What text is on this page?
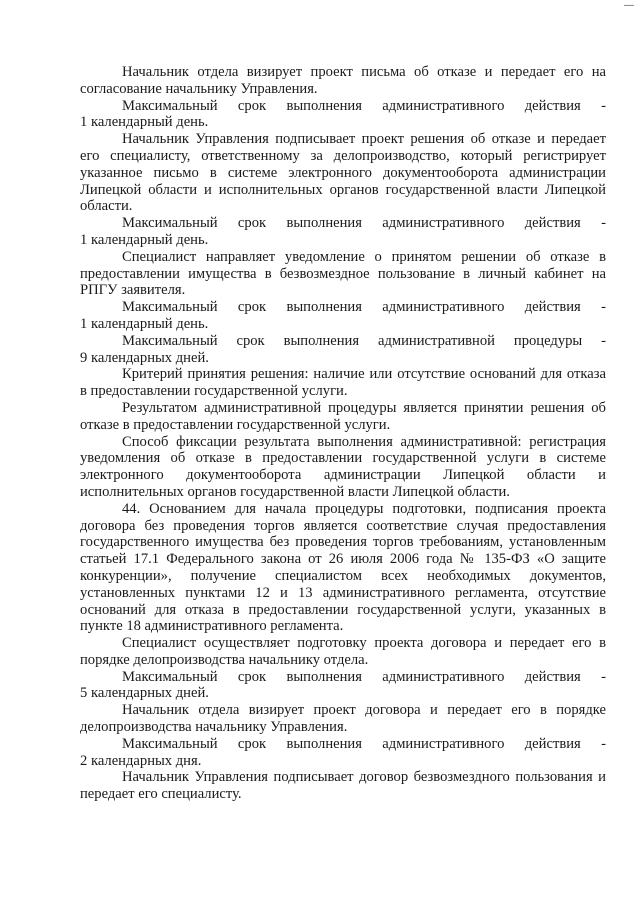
—

Начальник отдела визирует проект письма об отказе и передает его на согласование начальнику Управления.

Максимальный срок выполнения административного действия -

1 календарный день.

Начальник Управления подписывает проект решения об отказе и передает его специалисту, ответственному за делопроизводство, который регистрирует указанное письмо в системе электронного документооборота администрации Липецкой области и исполнительных органов государственной власти Липецкой области.

Максимальный срок выполнения административного действия -

1 календарный день.

Специалист направляет уведомление о принятом решении об отказе в предоставлении имущества в безвозмездное пользование в личный кабинет на РПГУ заявителя.

Максимальный срок выполнения административного действия -

1 календарный день.

Максимальный срок выполнения административной процедуры -

9 календарных дней.

Критерий принятия решения: наличие или отсутствие оснований для отказа в предоставлении государственной услуги.

Результатом административной процедуры является принятии решения об отказе в предоставлении государственной услуги.

Способ фиксации результата выполнения административной: регистрация уведомления об отказе в предоставлении государственной услуги в системе электронного документооборота администрации Липецкой области и исполнительных органов государственной власти Липецкой области.

44. Основанием для начала процедуры подготовки, подписания проекта договора без проведения торгов является соответствие случая предоставления государственного имущества без проведения торгов требованиям, установленным статьей 17.1 Федерального закона от 26 июля 2006 года № 135-ФЗ «О защите конкуренции», получение специалистом всех необходимых документов, установленных пунктами 12 и 13 административного регламента, отсутствие оснований для отказа в предоставлении государственной услуги, указанных в пункте 18 административного регламента.

Специалист осуществляет подготовку проекта договора и передает его в порядке делопроизводства начальнику отдела.

Максимальный срок выполнения административного действия -

5 календарных дней.

Начальник отдела визирует проект договора и передает его в порядке делопроизводства начальнику Управления.

Максимальный срок выполнения административного действия -

2 календарных дня.

Начальник Управления подписывает договор безвозмездного пользования и передает его специалисту.
